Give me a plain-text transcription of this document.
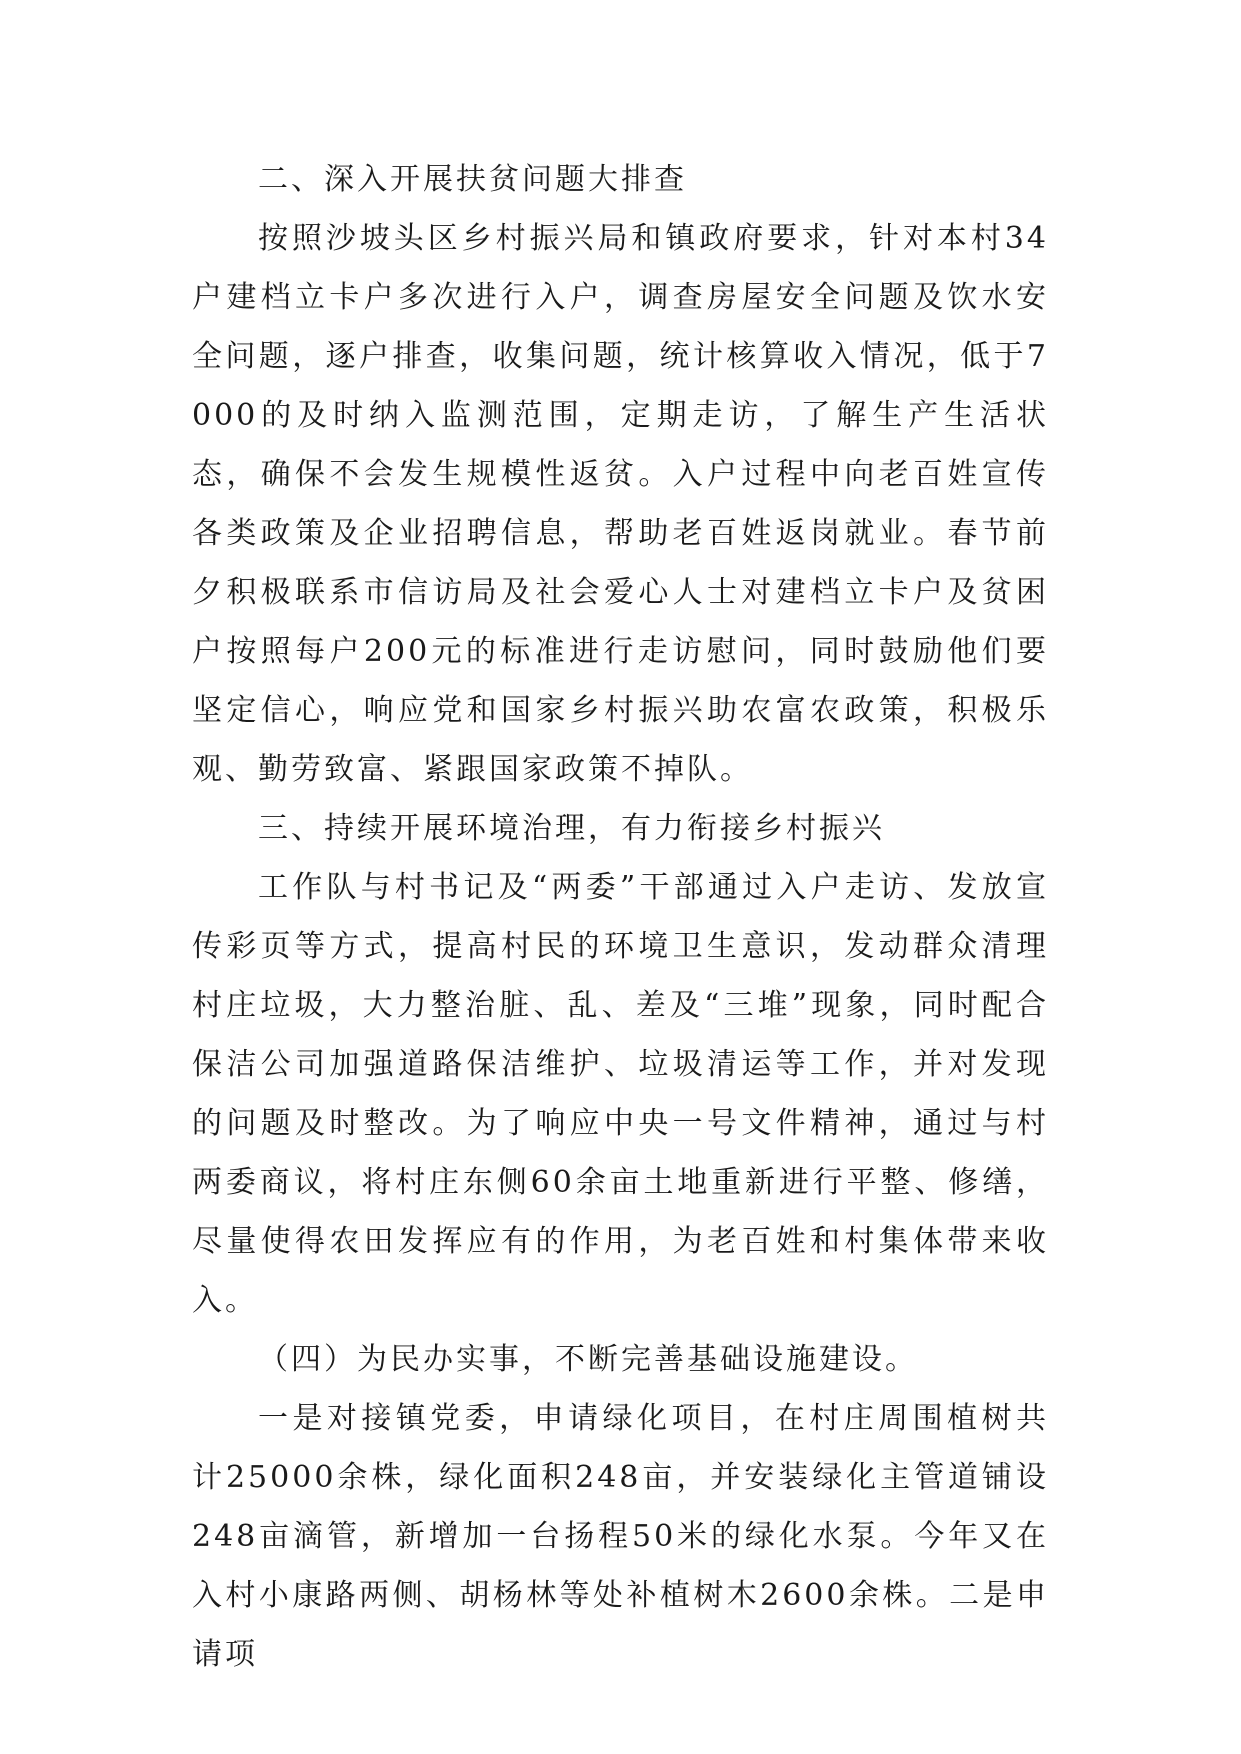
二、深入开展扶贫问题大排查

按照沙坡头区乡村振兴局和镇政府要求，针对本村34户建档立卡户多次进行入户，调查房屋安全问题及饮水安全问题，逐户排查，收集问题，统计核算收入情况，低于7000的及时纳入监测范围，定期走访，了解生产生活状态，确保不会发生规模性返贫。入户过程中向老百姓宣传各类政策及企业招聘信息，帮助老百姓返岗就业。春节前夕积极联系市信访局及社会爱心人士对建档立卡户及贫困户按照每户200元的标准进行走访慰问，同时鼓励他们要坚定信心，响应党和国家乡村振兴助农富农政策，积极乐观、勤劳致富、紧跟国家政策不掉队。

三、持续开展环境治理，有力衔接乡村振兴

工作队与村书记及“两委”干部通过入户走访、发放宣传彩页等方式，提高村民的环境卫生意识，发动群众清理村庄垃圾，大力整治脏、乱、差及“三堆”现象，同时配合保洁公司加强道路保洁维护、垃圾清运等工作，并对发现的问题及时整改。为了响应中央一号文件精神，通过与村两委商议，将村庄东侧60余亩土地重新进行平整、修缮，尽量使得农田发挥应有的作用，为老百姓和村集体带来收入。

（四）为民办实事，不断完善基础设施建设。

一是对接镇党委，申请绿化项目，在村庄周围植树共计25000余株，绿化面积248亩，并安装绿化主管道铺设248亩滴管，新增加一台扬程50米的绿化水泵。今年又在入村小康路两侧、胡杨林等处补植树木2600余株。二是申请项
